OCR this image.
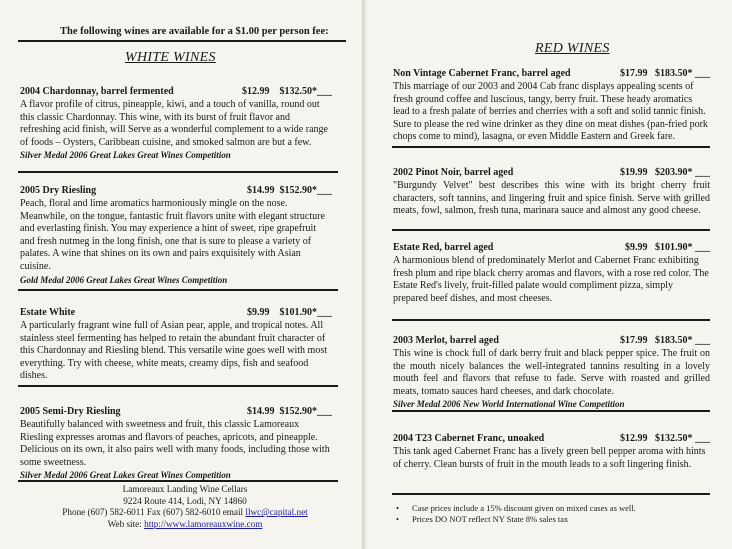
The following wines are available for a $1.00 per person fee:
WHITE WINES
2004 Chardonnay, barrel fermented	$12.99 $132.50*___
A flavor profile of citrus, pineapple, kiwi, and a touch of vanilla, round out this classic Chardonnay. This wine, with its burst of fruit flavor and refreshing acid finish, will Serve as a wonderful complement to a wide range of foods – Oysters, Caribbean cuisine, and smoked salmon are but a few.
Silver Medal 2006 Great Lakes Great Wines Competition
2005 Dry Riesling	$14.99 $152.90*___
Peach, floral and lime aromatics harmoniously mingle on the nose. Meanwhile, on the tongue, fantastic fruit flavors unite with elegant structure and everlasting finish. You may experience a hint of sweet, ripe grapefruit and fresh nutmeg in the long finish, one that is sure to please a variety of palates. A wine that shines on its own and pairs exquisitely with Asian cuisine.
Gold Medal 2006 Great Lakes Great Wines Competition
Estate White	$9.99 $101.90*___
A particularly fragrant wine full of Asian pear, apple, and tropical notes. All stainless steel fermenting has helped to retain the abundant fruit character of this Chardonnay and Riesling blend. This versatile wine goes well with most everything. Try with cheese, white meats, creamy dips, fish and seafood dishes.
2005 Semi-Dry Riesling	$14.99 $152.90*___
Beautifully balanced with sweetness and fruit, this classic Lamoreaux Riesling expresses aromas and flavors of peaches, apricots, and pineapple. Delicious on its own, it also pairs well with many foods, including those with some sweetness.
Silver Medal 2006 Great Lakes Great Wines Competition
Lamoreaux Landing Wine Cellars
9224 Route 414, Lodi, NY 14860
Phone (607) 582-6011 Fax (607) 582-6010 email llwc@capital.net
Web site: http://www.lamoreauxwine.com
RED WINES
Non Vintage Cabernet Franc, barrel aged	$17.99 $183.50* ___
This marriage of our 2003 and 2004 Cab franc displays appealing scents of fresh ground coffee and luscious, tangy, berry fruit. These heady aromatics lead to a fresh palate of berries and cherries with a soft and solid tannic finish. Sure to please the red wine drinker as they dine on meat dishes (pan-fried pork chops come to mind), lasagna, or even Middle Eastern and Greek fare.
2002 Pinot Noir, barrel aged	$19.99 $203.90* ___
"Burgundy Velvet" best describes this wine with its bright cherry fruit characters, soft tannins, and lingering fruit and spice finish. Serve with grilled meats, fowl, salmon, fresh tuna, marinara sauce and almost any good cheese.
Estate Red, barrel aged	$9.99 $101.90* ___
A harmonious blend of predominately Merlot and Cabernet Franc exhibiting fresh plum and ripe black cherry aromas and flavors, with a rose red color. The Estate Red's lively, fruit-filled palate would compliment pizza, simply prepared beef dishes, and most cheeses.
2003 Merlot, barrel aged	$17.99 $183.50* ___
This wine is chock full of dark berry fruit and black pepper spice. The fruit on the mouth nicely balances the well-integrated tannins resulting in a lovely mouth feel and flavors that refuse to fade. Serve with roasted and grilled meats, tomato sauces hard cheeses, and dark chocolate.
Silver Medal 2006 New World International Wine Competition
2004 T23 Cabernet Franc, unoaked	$12.99 $132.50* ___
This tank aged Cabernet Franc has a lively green bell pepper aroma with hints of cherry. Clean bursts of fruit in the mouth leads to a soft lingering finish.
• Case prices include a 15% discount given on mixed cases as well.
• Prices DO NOT reflect NY State 8% sales tax
